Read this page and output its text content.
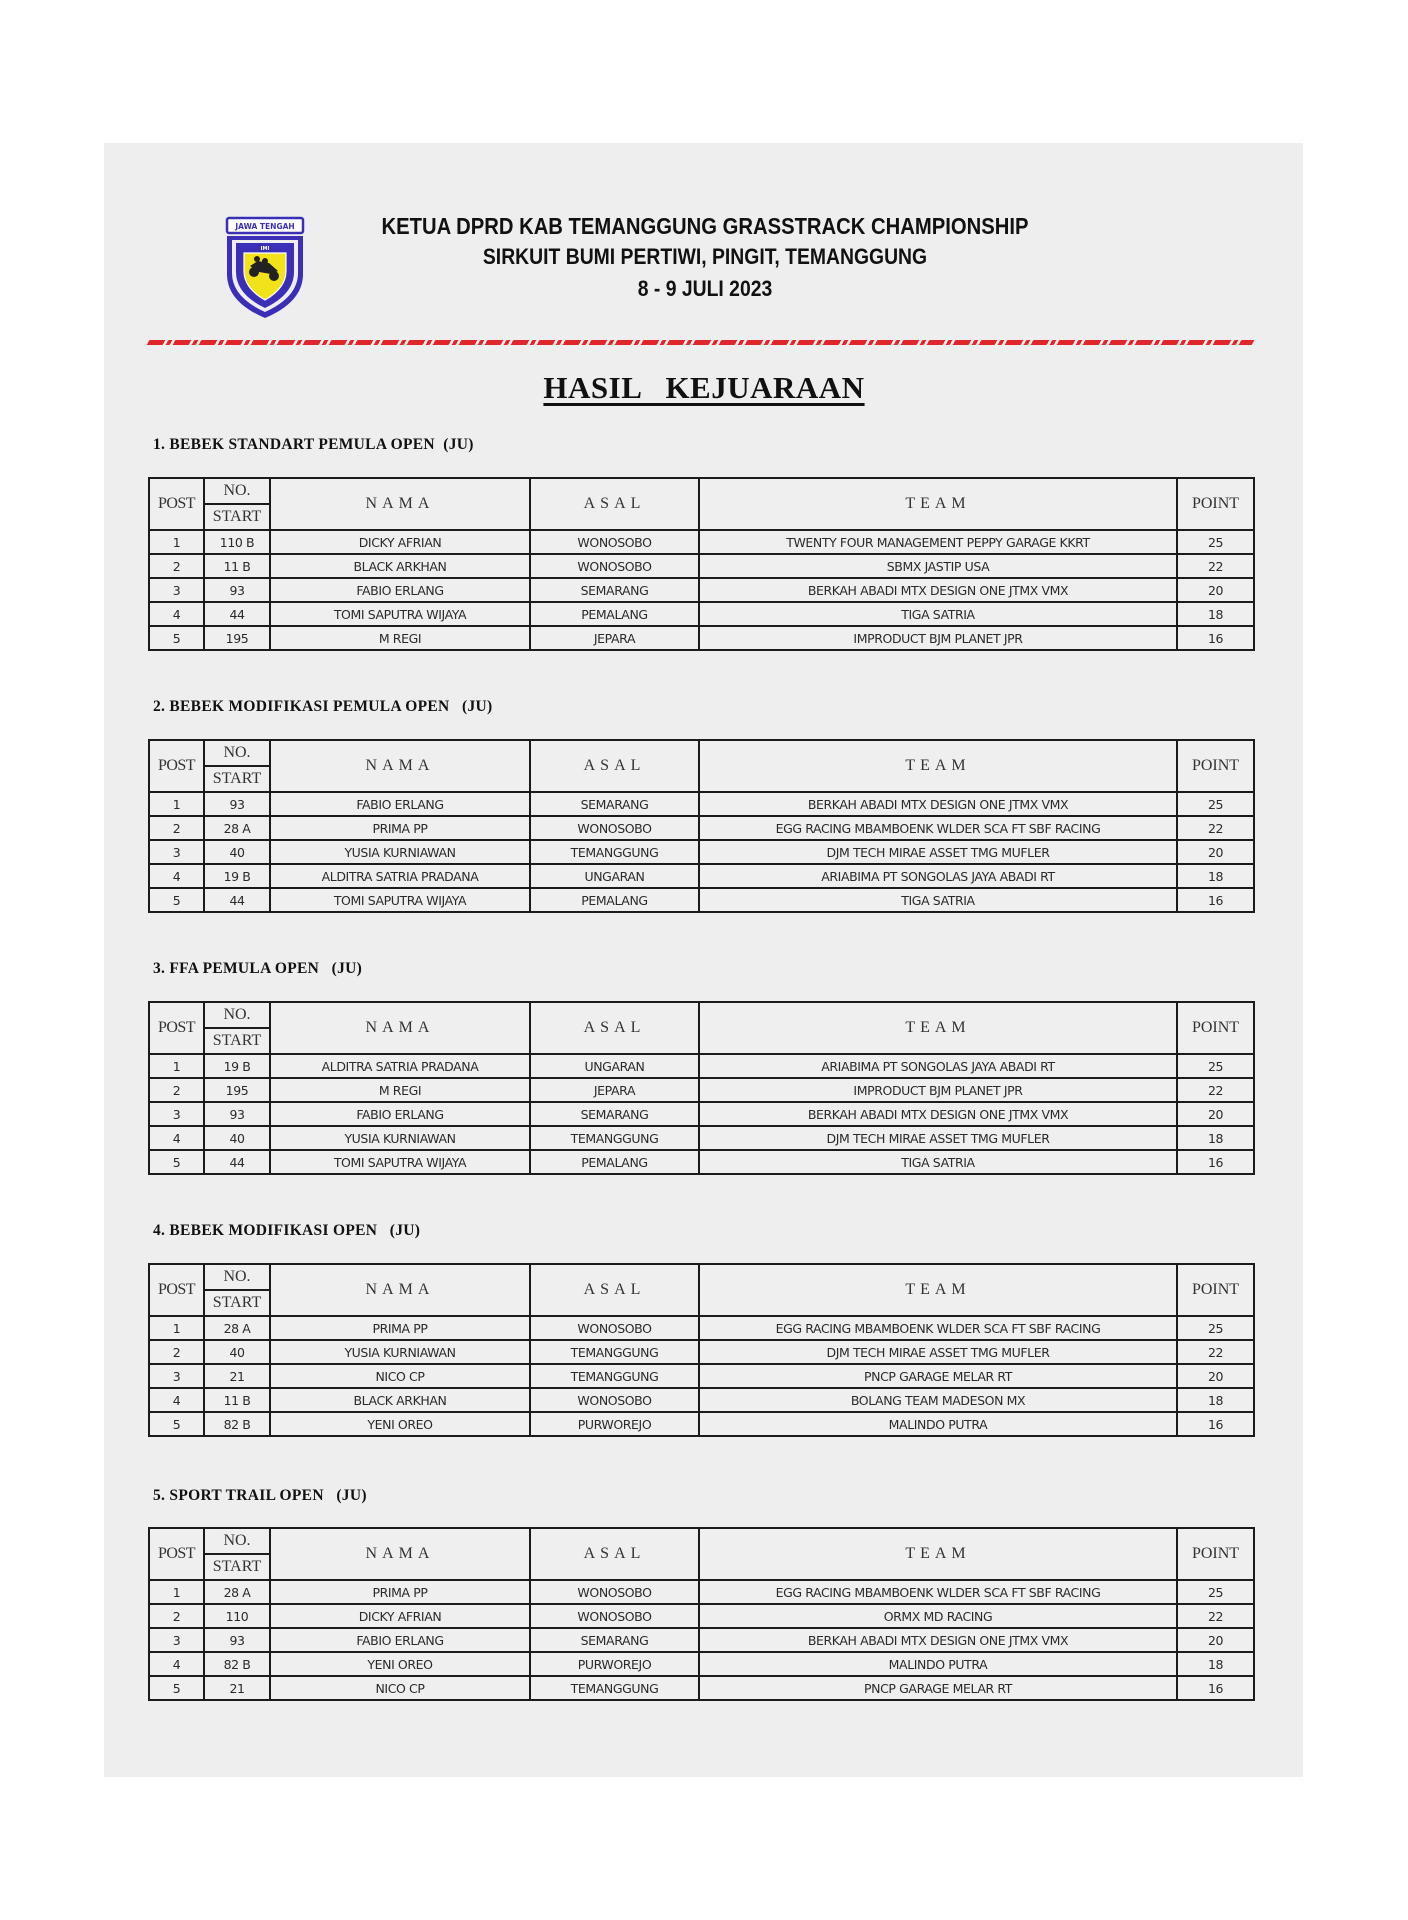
JAWA TENGAH
IMI
KETUA DPRD KAB TEMANGGUNG GRASSTRACK CHAMPIONSHIP
SIRKUIT BUMI PERTIWI, PINGIT, TEMANGGUNG
8 - 9 JULI 2023
HASIL   KEJUARAAN
1. BEBEK STANDART PEMULA OPEN  (JU)
POST	NO.	NAMA	ASAL	TEAM	POINT
	START				
1	110 B	DICKY AFRIAN	WONOSOBO	TWENTY FOUR MANAGEMENT PEPPY GARAGE KKRT	25
2	11 B	BLACK ARKHAN	WONOSOBO	SBMX JASTIP USA	22
3	93	FABIO ERLANG	SEMARANG	BERKAH ABADI MTX DESIGN ONE JTMX VMX	20
4	44	TOMI SAPUTRA WIJAYA	PEMALANG	TIGA SATRIA	18
5	195	M REGI	JEPARA	IMPRODUCT BJM PLANET JPR	16
2. BEBEK MODIFIKASI PEMULA OPEN   (JU)
POST	NO.	NAMA	ASAL	TEAM	POINT
	START				
1	93	FABIO ERLANG	SEMARANG	BERKAH ABADI MTX DESIGN ONE JTMX VMX	25
2	28 A	PRIMA PP	WONOSOBO	EGG RACING MBAMBOENK WLDER SCA FT SBF RACING	22
3	40	YUSIA KURNIAWAN	TEMANGGUNG	DJM TECH MIRAE ASSET TMG MUFLER	20
4	19 B	ALDITRA SATRIA PRADANA	UNGARAN	ARIABIMA PT SONGOLAS JAYA ABADI RT	18
5	44	TOMI SAPUTRA WIJAYA	PEMALANG	TIGA SATRIA	16
3. FFA PEMULA OPEN   (JU)
POST	NO.	NAMA	ASAL	TEAM	POINT
	START				
1	19 B	ALDITRA SATRIA PRADANA	UNGARAN	ARIABIMA PT SONGOLAS JAYA ABADI RT	25
2	195	M REGI	JEPARA	IMPRODUCT BJM PLANET JPR	22
3	93	FABIO ERLANG	SEMARANG	BERKAH ABADI MTX DESIGN ONE JTMX VMX	20
4	40	YUSIA KURNIAWAN	TEMANGGUNG	DJM TECH MIRAE ASSET TMG MUFLER	18
5	44	TOMI SAPUTRA WIJAYA	PEMALANG	TIGA SATRIA	16
4. BEBEK MODIFIKASI OPEN   (JU)
POST	NO.	NAMA	ASAL	TEAM	POINT
	START				
1	28 A	PRIMA PP	WONOSOBO	EGG RACING MBAMBOENK WLDER SCA FT SBF RACING	25
2	40	YUSIA KURNIAWAN	TEMANGGUNG	DJM TECH MIRAE ASSET TMG MUFLER	22
3	21	NICO CP	TEMANGGUNG	PNCP GARAGE MELAR RT	20
4	11 B	BLACK ARKHAN	WONOSOBO	BOLANG TEAM MADESON MX	18
5	82 B	YENI OREO	PURWOREJO	MALINDO PUTRA	16
5. SPORT TRAIL OPEN   (JU)
POST	NO.	NAMA	ASAL	TEAM	POINT
	START				
1	28 A	PRIMA PP	WONOSOBO	EGG RACING MBAMBOENK WLDER SCA FT SBF RACING	25
2	110	DICKY AFRIAN	WONOSOBO	ORMX MD RACING	22
3	93	FABIO ERLANG	SEMARANG	BERKAH ABADI MTX DESIGN ONE JTMX VMX	20
4	82 B	YENI OREO	PURWOREJO	MALINDO PUTRA	18
5	21	NICO CP	TEMANGGUNG	PNCP GARAGE MELAR RT	16
